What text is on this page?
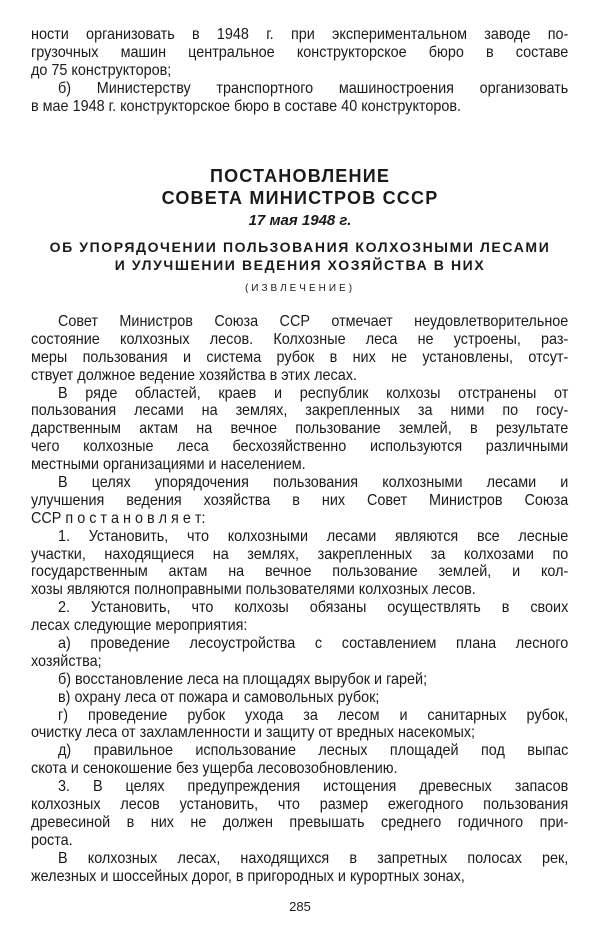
ности организовать в 1948 г. при экспериментальном заводе по-
грузочных машин центральное конструкторское бюро в составе
до 75 конструкторов;
б) Министерству транспортного машиностроения организовать
в мае 1948 г. конструкторское бюро в составе 40 конструкторов.
ПОСТАНОВЛЕНИЕ
СОВЕТА МИНИСТРОВ СССР
17 мая 1948 г.
ОБ УПОРЯДОЧЕНИИ ПОЛЬЗОВАНИЯ КОЛХОЗНЫМИ ЛЕСАМИ
И УЛУЧШЕНИИ ВЕДЕНИЯ ХОЗЯЙСТВА В НИХ
(ИЗВЛЕЧЕНИЕ)
Совет Министров Союза ССР отмечает неудовлетворительное
состояние колхозных лесов. Колхозные леса не устроены, раз-
меры пользования и система рубок в них не установлены, отсут-
ствует должное ведение хозяйства в этих лесах.
В ряде областей, краев и республик колхозы отстранены от
пользования лесами на землях, закрепленных за ними по госу-
дарственным актам на вечное пользование землей, в результате
чего колхозные леса бесхозяйственно используются различными
местными организациями и населением.
В целях упорядочения пользования колхозными лесами и
улучшения ведения хозяйства в них Совет Министров Союза
ССР п о с т а н о в л я е т:
1. Установить, что колхозными лесами являются все лесные
участки, находящиеся на землях, закрепленных за колхозами по
государственным актам на вечное пользование землей, и кол-
хозы являются полноправными пользователями колхозных лесов.
2. Установить, что колхозы обязаны осуществлять в своих
лесах следующие мероприятия:
а) проведение лесоустройства с составлением плана лесного
хозяйства;
б) восстановление леса на площадях вырубок и гарей;
в) охрану леса от пожара и самовольных рубок;
г) проведение рубок ухода за лесом и санитарных рубок,
очистку леса от захламленности и защиту от вредных насекомых;
д) правильное использование лесных площадей под выпас
скота и сенокошение без ущерба лесовозобновлению.
3. В целях предупреждения истощения древесных запасов
колхозных лесов установить, что размер ежегодного пользования
древесиной в них не должен превышать среднего годичного при-
роста.
В колхозных лесах, находящихся в запретных полосах рек,
железных и шоссейных дорог, в пригородных и курортных зонах,
285
